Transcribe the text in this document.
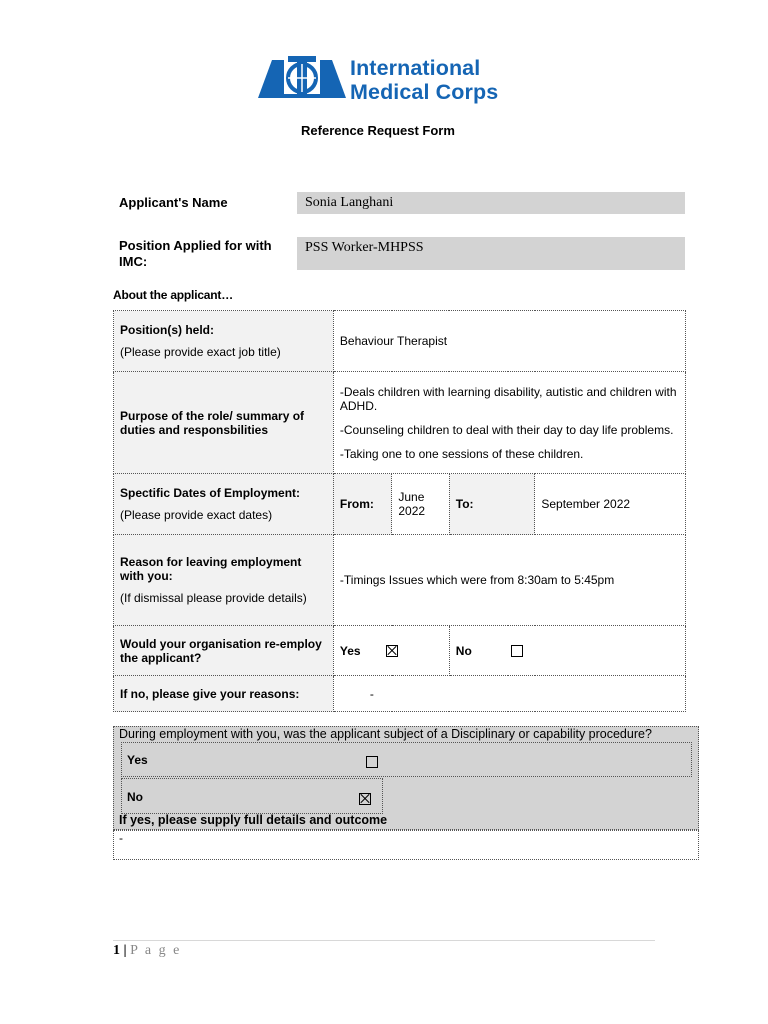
International
Medical Corps
Reference Request Form
Applicant's Name	Sonia Langhani
Position Applied for with IMC:
PSS Worker-MHPSS
About the applicant…
Position(s) held:
(Please provide exact job title)	Behaviour Therapist			
Purpose of the role/ summary of duties and responsbilities	-Deals children with learning disability, autistic and children with ADHD.

-Counseling children to deal with their day to day life problems.

-Taking one to one sessions of these children.			

Spectific Dates of Employment:
(Please provide exact dates)	From:	June 2022	To:	September 2022

Reason for leaving employment with you:
(If dismissal please provide details)	-Timings Issues which were from 8:30am to 5:45pm			
Would your organisation re-employ the applicant?	Yes		No	
If no, please give your reasons:	-			
During employment with you, was the applicant subject of a Disciplinary or capability procedure?
Yes
No
If yes, please supply full details and outcome
-
1 | P a g e
